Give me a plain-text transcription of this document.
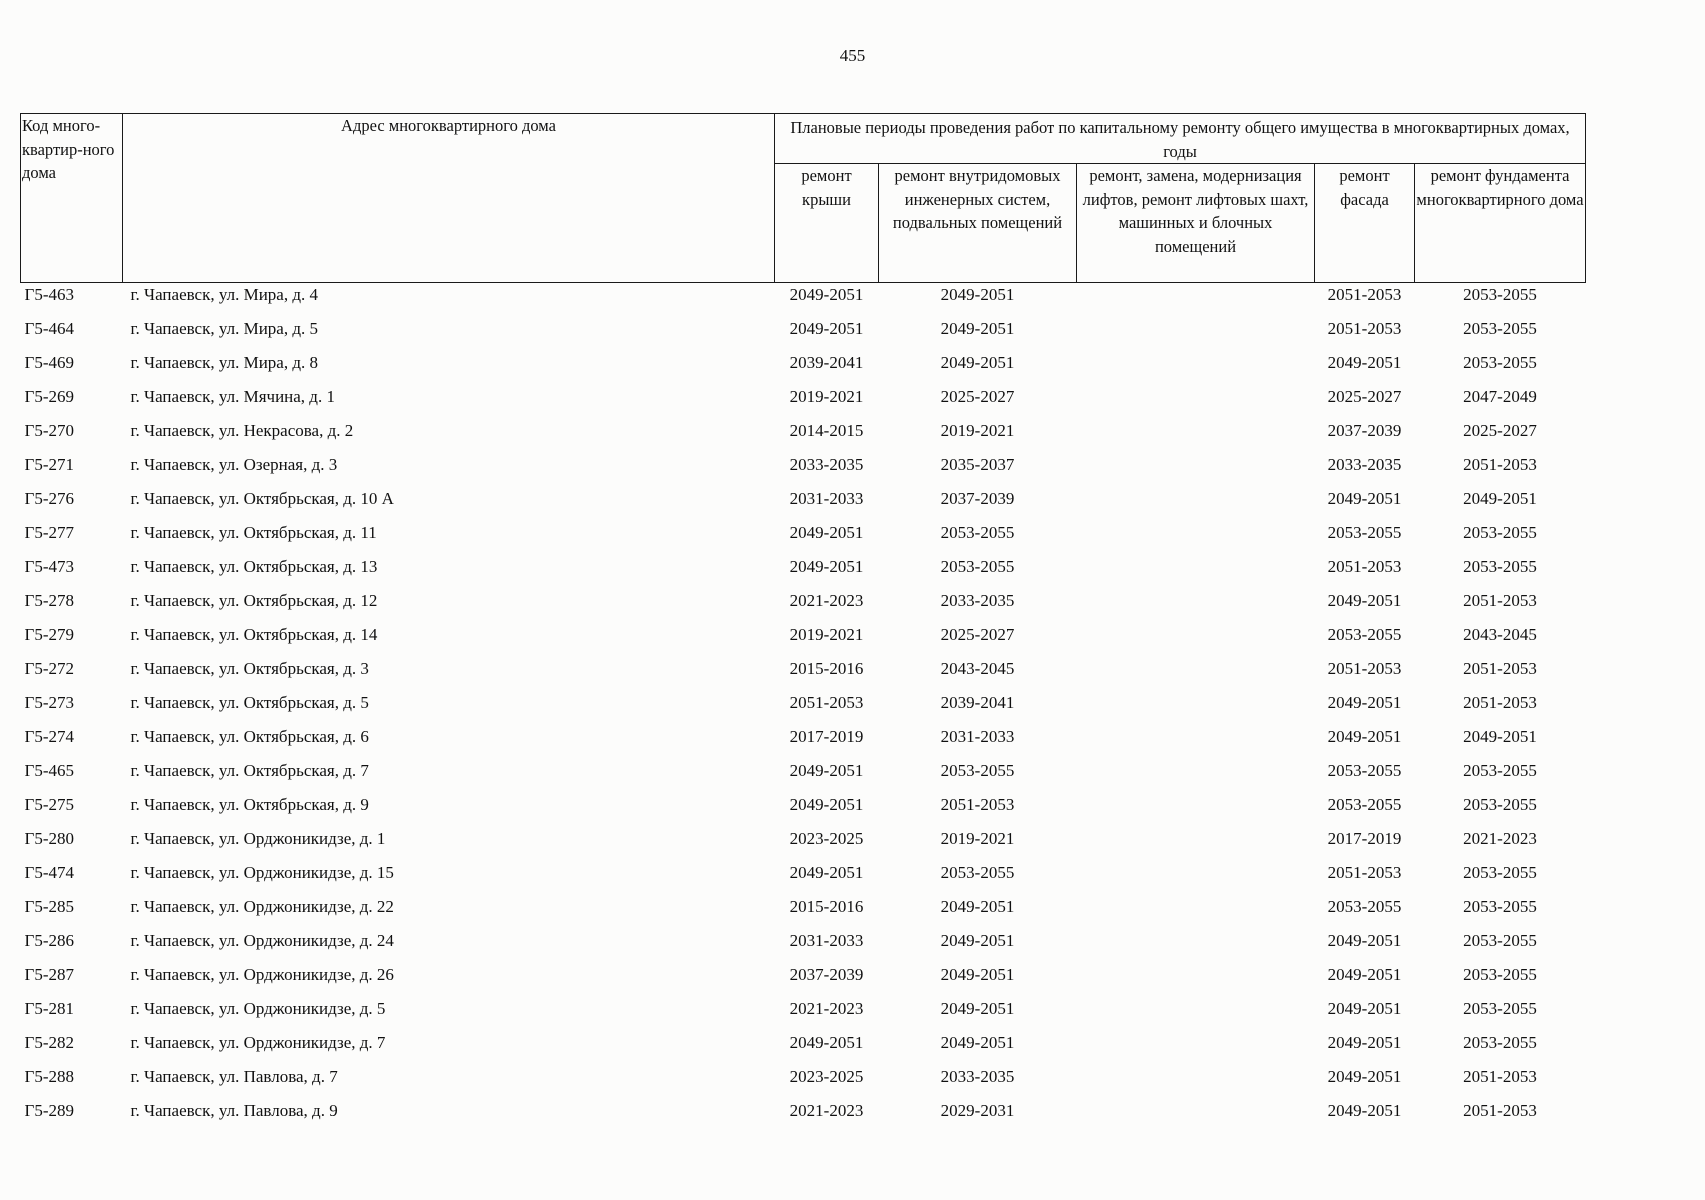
455
Код много-квартир-ного дома	Адрес многоквартирного дома	Плановые периоды проведения работ по капитальному ремонту общего имущества в многоквартирных домах, годы				
		ремонт крыши	ремонт внутридомовых инженерных систем, подвальных помещений	ремонт, замена, модернизация лифтов, ремонт лифтовых шахт, машинных и блочных помещений	ремонт фасада	ремонт фундамента многоквартирного дома
Г5-463	г. Чапаевск, ул. Мира, д. 4	2049-2051	2049-2051		2051-2053	2053-2055
Г5-464	г. Чапаевск, ул. Мира, д. 5	2049-2051	2049-2051		2051-2053	2053-2055
Г5-469	г. Чапаевск, ул. Мира, д. 8	2039-2041	2049-2051		2049-2051	2053-2055
Г5-269	г. Чапаевск, ул. Мячина, д. 1	2019-2021	2025-2027		2025-2027	2047-2049
Г5-270	г. Чапаевск, ул. Некрасова, д. 2	2014-2015	2019-2021		2037-2039	2025-2027
Г5-271	г. Чапаевск, ул. Озерная, д. 3	2033-2035	2035-2037		2033-2035	2051-2053
Г5-276	г. Чапаевск, ул. Октябрьская, д. 10 А	2031-2033	2037-2039		2049-2051	2049-2051
Г5-277	г. Чапаевск, ул. Октябрьская, д. 11	2049-2051	2053-2055		2053-2055	2053-2055
Г5-473	г. Чапаевск, ул. Октябрьская, д. 13	2049-2051	2053-2055		2051-2053	2053-2055
Г5-278	г. Чапаевск, ул. Октябрьская, д. 12	2021-2023	2033-2035		2049-2051	2051-2053
Г5-279	г. Чапаевск, ул. Октябрьская, д. 14	2019-2021	2025-2027		2053-2055	2043-2045
Г5-272	г. Чапаевск, ул. Октябрьская, д. 3	2015-2016	2043-2045		2051-2053	2051-2053
Г5-273	г. Чапаевск, ул. Октябрьская, д. 5	2051-2053	2039-2041		2049-2051	2051-2053
Г5-274	г. Чапаевск, ул. Октябрьская, д. 6	2017-2019	2031-2033		2049-2051	2049-2051
Г5-465	г. Чапаевск, ул. Октябрьская, д. 7	2049-2051	2053-2055		2053-2055	2053-2055
Г5-275	г. Чапаевск, ул. Октябрьская, д. 9	2049-2051	2051-2053		2053-2055	2053-2055
Г5-280	г. Чапаевск, ул. Орджоникидзе, д. 1	2023-2025	2019-2021		2017-2019	2021-2023
Г5-474	г. Чапаевск, ул. Орджоникидзе, д. 15	2049-2051	2053-2055		2051-2053	2053-2055
Г5-285	г. Чапаевск, ул. Орджоникидзе, д. 22	2015-2016	2049-2051		2053-2055	2053-2055
Г5-286	г. Чапаевск, ул. Орджоникидзе, д. 24	2031-2033	2049-2051		2049-2051	2053-2055
Г5-287	г. Чапаевск, ул. Орджоникидзе, д. 26	2037-2039	2049-2051		2049-2051	2053-2055
Г5-281	г. Чапаевск, ул. Орджоникидзе, д. 5	2021-2023	2049-2051		2049-2051	2053-2055
Г5-282	г. Чапаевск, ул. Орджоникидзе, д. 7	2049-2051	2049-2051		2049-2051	2053-2055
Г5-288	г. Чапаевск, ул. Павлова, д. 7	2023-2025	2033-2035		2049-2051	2051-2053
Г5-289	г. Чапаевск, ул. Павлова, д. 9	2021-2023	2029-2031		2049-2051	2051-2053
